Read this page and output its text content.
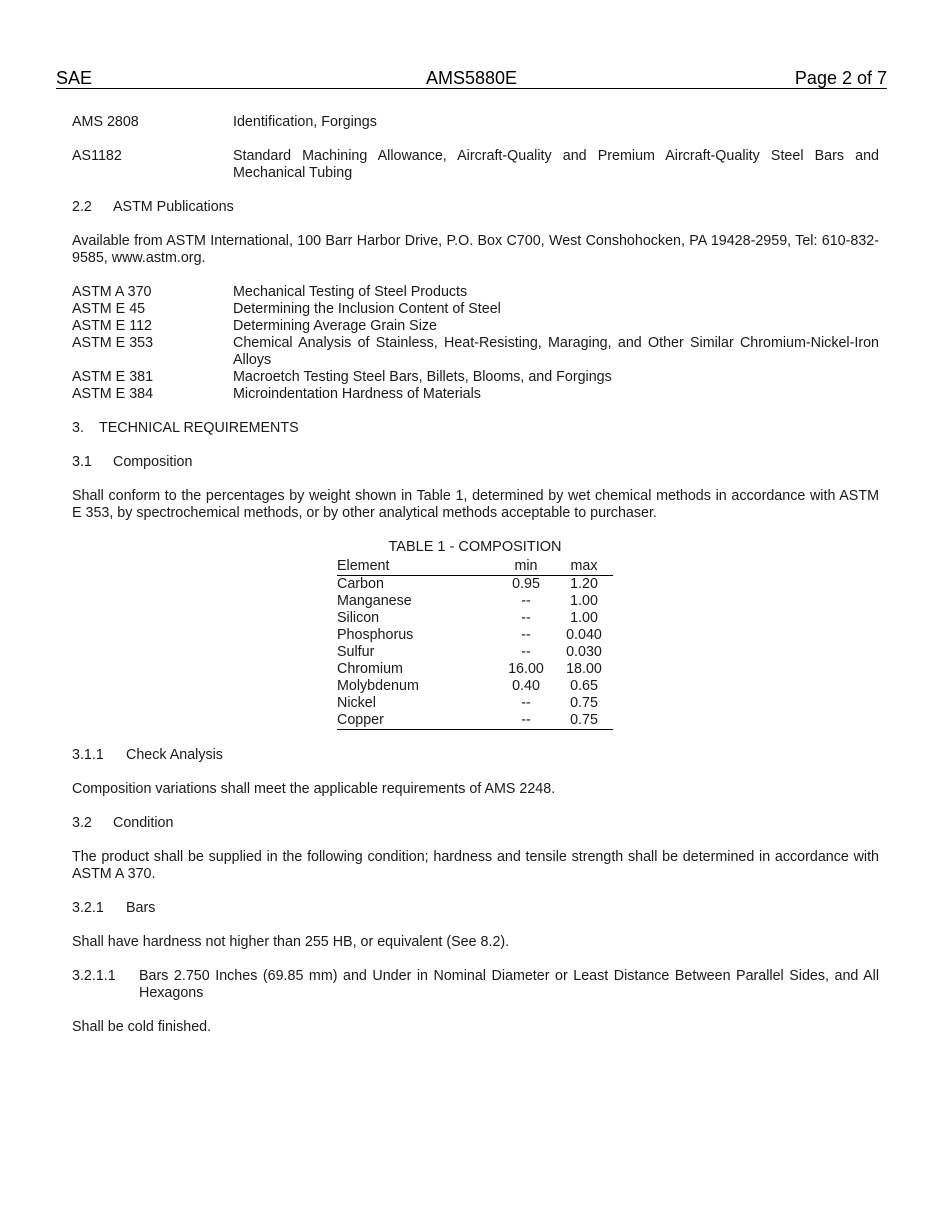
SAE	AMS5880E	Page 2 of 7
AMS 2808	Identification, Forgings
AS1182	Standard Machining Allowance, Aircraft-Quality and Premium Aircraft-Quality Steel Bars and Mechanical Tubing
2.2	ASTM Publications
Available from ASTM International, 100 Barr Harbor Drive, P.O. Box C700, West Conshohocken, PA 19428-2959, Tel: 610-832-9585, www.astm.org.
ASTM A 370	Mechanical Testing of Steel Products
ASTM E 45	Determining the Inclusion Content of Steel
ASTM E 112	Determining Average Grain Size
ASTM E 353	Chemical Analysis of Stainless, Heat-Resisting, Maraging, and Other Similar Chromium-Nickel-Iron Alloys
ASTM E 381	Macroetch Testing Steel Bars, Billets, Blooms, and Forgings
ASTM E 384	Microindentation Hardness of Materials
3.	TECHNICAL REQUIREMENTS
3.1	Composition
Shall conform to the percentages by weight shown in Table 1, determined by wet chemical methods in accordance with ASTM E 353, by spectrochemical methods, or by other analytical methods acceptable to purchaser.
TABLE 1 - COMPOSITION
Element	min	max
Carbon	0.95	1.20
Manganese	--	1.00
Silicon	--	1.00
Phosphorus	--	0.040
Sulfur	--	0.030
Chromium	16.00	18.00
Molybdenum	0.40	0.65
Nickel	--	0.75
Copper	--	0.75
3.1.1	Check Analysis
Composition variations shall meet the applicable requirements of AMS 2248.
3.2	Condition
The product shall be supplied in the following condition; hardness and tensile strength shall be determined in accordance with ASTM A 370.
3.2.1	Bars
Shall have hardness not higher than 255 HB, or equivalent (See 8.2).
3.2.1.1	Bars 2.750 Inches (69.85 mm) and Under in Nominal Diameter or Least Distance Between Parallel Sides, and All Hexagons
Shall be cold finished.
